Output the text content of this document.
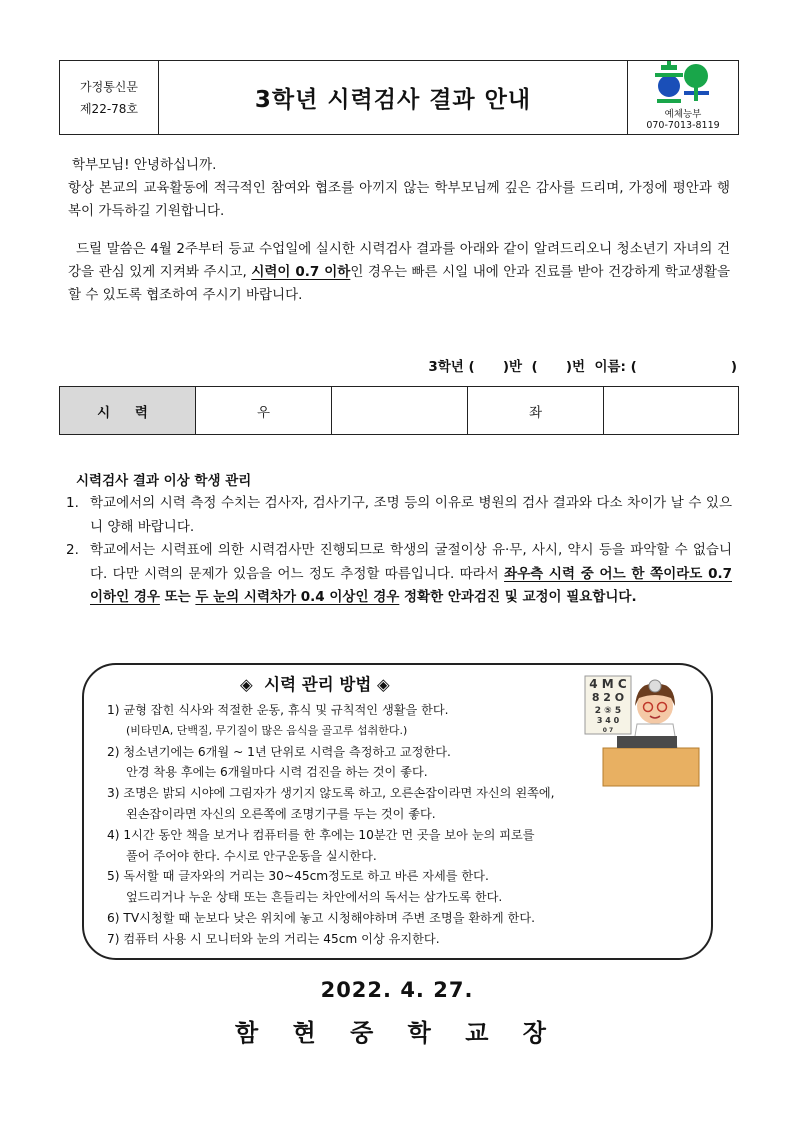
가정통신문
제22-78호	3학년 시력검사 결과 안내
예체능부
070-7013-8119
학부모님! 안녕하십니까.
항상 본교의 교육활동에 적극적인 참여와 협조를 아끼지 않는 학부모님께 깊은 감사를 드리며, 가정에 평안과 행복이 가득하길 기원합니다.
드릴 말씀은 4월 2주부터 등교 수업일에 실시한 시력검사 결과를 아래와 같이 알려드리오니 청소년기 자녀의 건강을 관심 있게 지켜봐 주시고, 시력이 0.7 이하인 경우는 빠른 시일 내에 안과 진료를 받아 건강하게 학교생활을 할 수 있도록 협조하여 주시기 바랍니다.
3학년 (      )반  (      )번  이름: (                    )
시 력	우		좌	
시력검사 결과 이상 학생 관리
1. 학교에서의 시력 측정 수치는 검사자, 검사기구, 조명 등의 이유로 병원의 검사 결과와 다소 차이가 날 수 있으니 양해 바랍니다.
2. 학교에서는 시력표에 의한 시력검사만 진행되므로 학생의 굴절이상 유·무, 사시, 약시 등을 파악할 수 없습니다. 다만 시력의 문제가 있음을 어느 정도 추정할 따름입니다. 따라서 좌우측 시력 중 어느 한 쪽이라도 0.7 이하인 경우 또는 두 눈의 시력차가 0.4 이상인 경우 정확한 안과검진 및 교정이 필요합니다.
◈  시력 관리 방법 ◈
1) 균형 잡힌 식사와 적절한 운동, 휴식 및 규칙적인 생활을 한다.
(비타민A, 단백질, 무기질이 많은 음식을 골고루 섭취한다.)
2) 청소년기에는 6개월 ~ 1년 단위로 시력을 측정하고 교정한다.
안경 착용 후에는 6개월마다 시력 검진을 하는 것이 좋다.
3) 조명은 밝되 시야에 그림자가 생기지 않도록 하고, 오른손잡이라면 자신의 왼쪽에,
왼손잡이라면 자신의 오른쪽에 조명기구를 두는 것이 좋다.
4) 1시간 동안 책을 보거나 컴퓨터를 한 후에는 10분간 먼 곳을 보아 눈의 피로를
풀어 주어야 한다. 수시로 안구운동을 실시한다.
5) 독서할 때 글자와의 거리는 30~45cm정도로 하고 바른 자세를 한다.
엎드리거나 누운 상태 또는 흔들리는 차안에서의 독서는 삼가도록 한다.
6) TV시청할 때 눈보다 낮은 위치에 놓고 시청해야하며 주변 조명을 환하게 한다.
7) 컴퓨터 사용 시 모니터와 눈의 거리는 45cm 이상 유지한다.
4 M C
8 2 O
2 ⑤ 5
3 4 0
0 7
2022. 4. 27.
함 현 중 학 교 장
